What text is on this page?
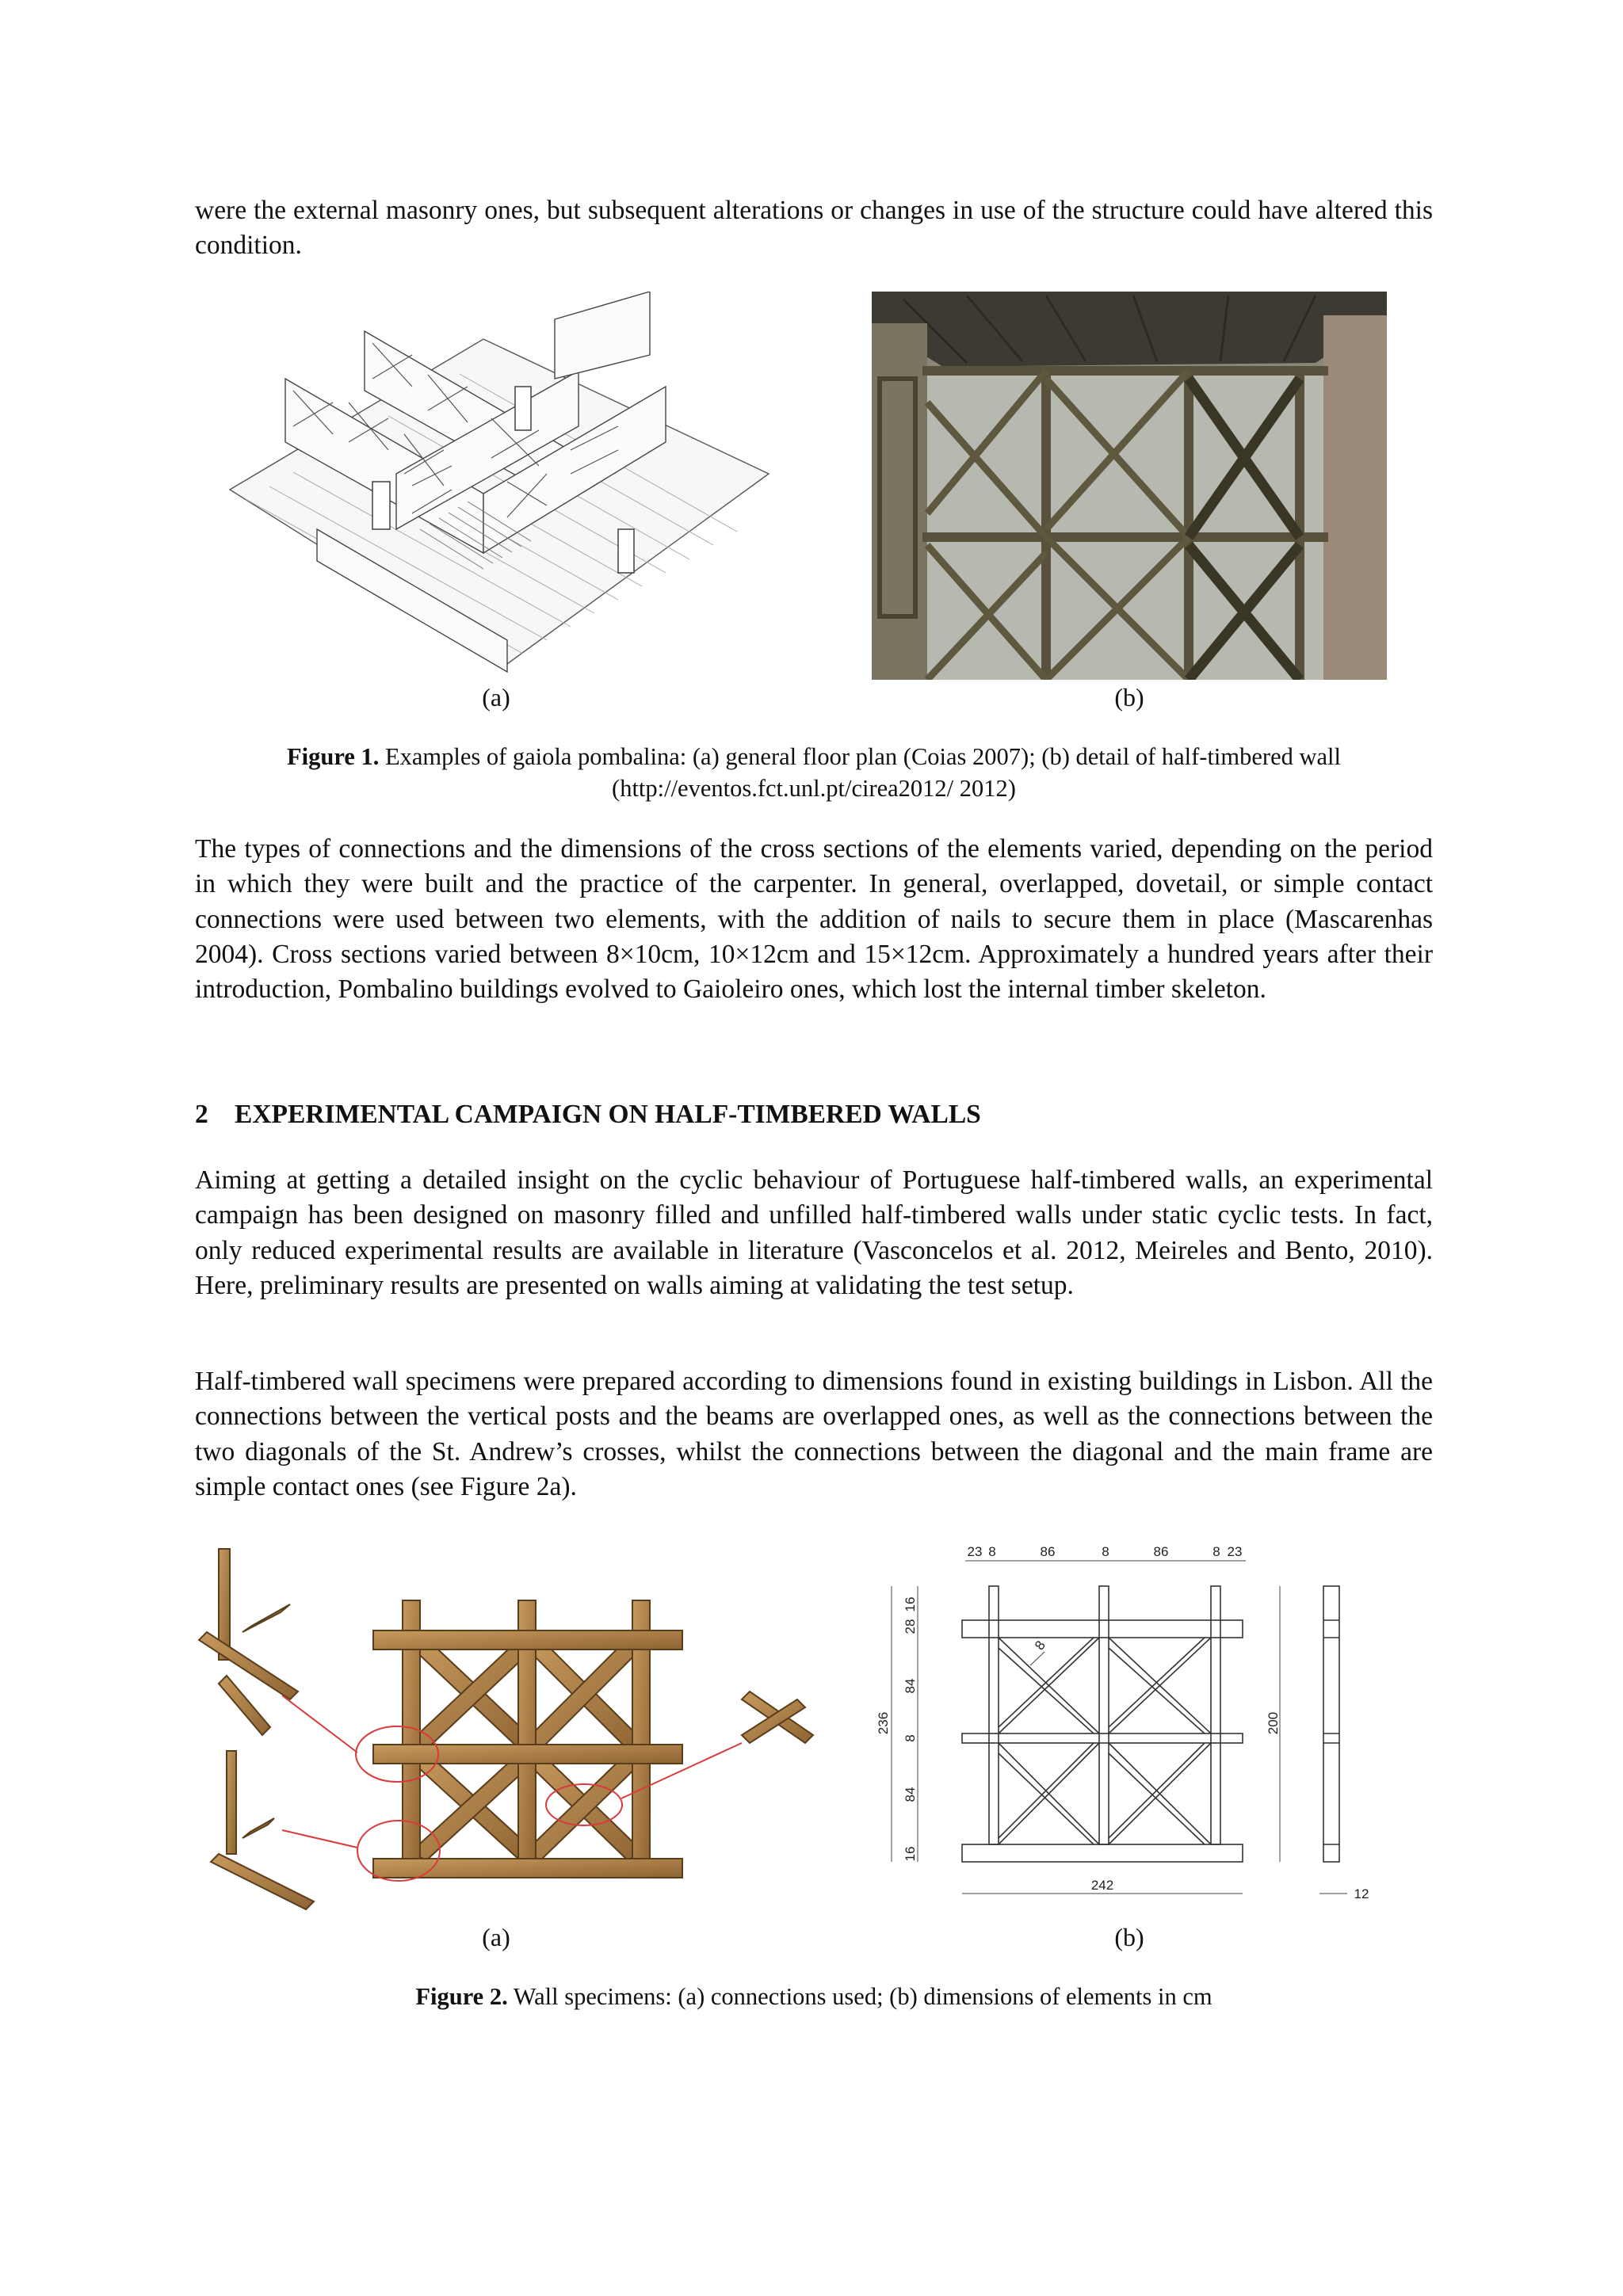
were the external masonry ones, but subsequent alterations or changes in use of the structure could have altered this condition.

(a)	(b)

Figure 1. Examples of gaiola pombalina: (a) general floor plan (Coias 2007); (b) detail of half-timbered wall
(http://eventos.fct.unl.pt/cirea2012/ 2012)

The types of connections and the dimensions of the cross sections of the elements varied, depending on the period in which they were built and the practice of the carpenter. In general, overlapped, dovetail, or simple contact connections were used between two elements, with the addition of nails to secure them in place (Mascarenhas 2004). Cross sections varied between 8×10cm, 10×12cm and 15×12cm. Approximately a hundred years after their introduction, Pombalino buildings evolved to Gaioleiro ones, which lost the internal timber skeleton.

2 EXPERIMENTAL CAMPAIGN ON HALF-TIMBERED WALLS

Aiming at getting a detailed insight on the cyclic behaviour of Portuguese half-timbered walls, an experimental campaign has been designed on masonry filled and unfilled half-timbered walls under static cyclic tests. In fact, only reduced experimental results are available in literature (Vasconcelos et al. 2012, Meireles and Bento, 2010). Here, preliminary results are presented on walls aiming at validating the test setup.

Half-timbered wall specimens were prepared according to dimensions found in existing buildings in Lisbon. All the connections between the vertical posts and the beams are overlapped ones, as well as the connections between the two diagonals of the St. Andrew’s crosses, whilst the connections between the diagonal and the main frame are simple contact ones (see Figure 2a).

23 8	86	8	86	8 23
236
16
28
84
8
84
16
200
8
242
12
(a)	(b)

Figure 2. Wall specimens: (a) connections used; (b) dimensions of elements in cm
